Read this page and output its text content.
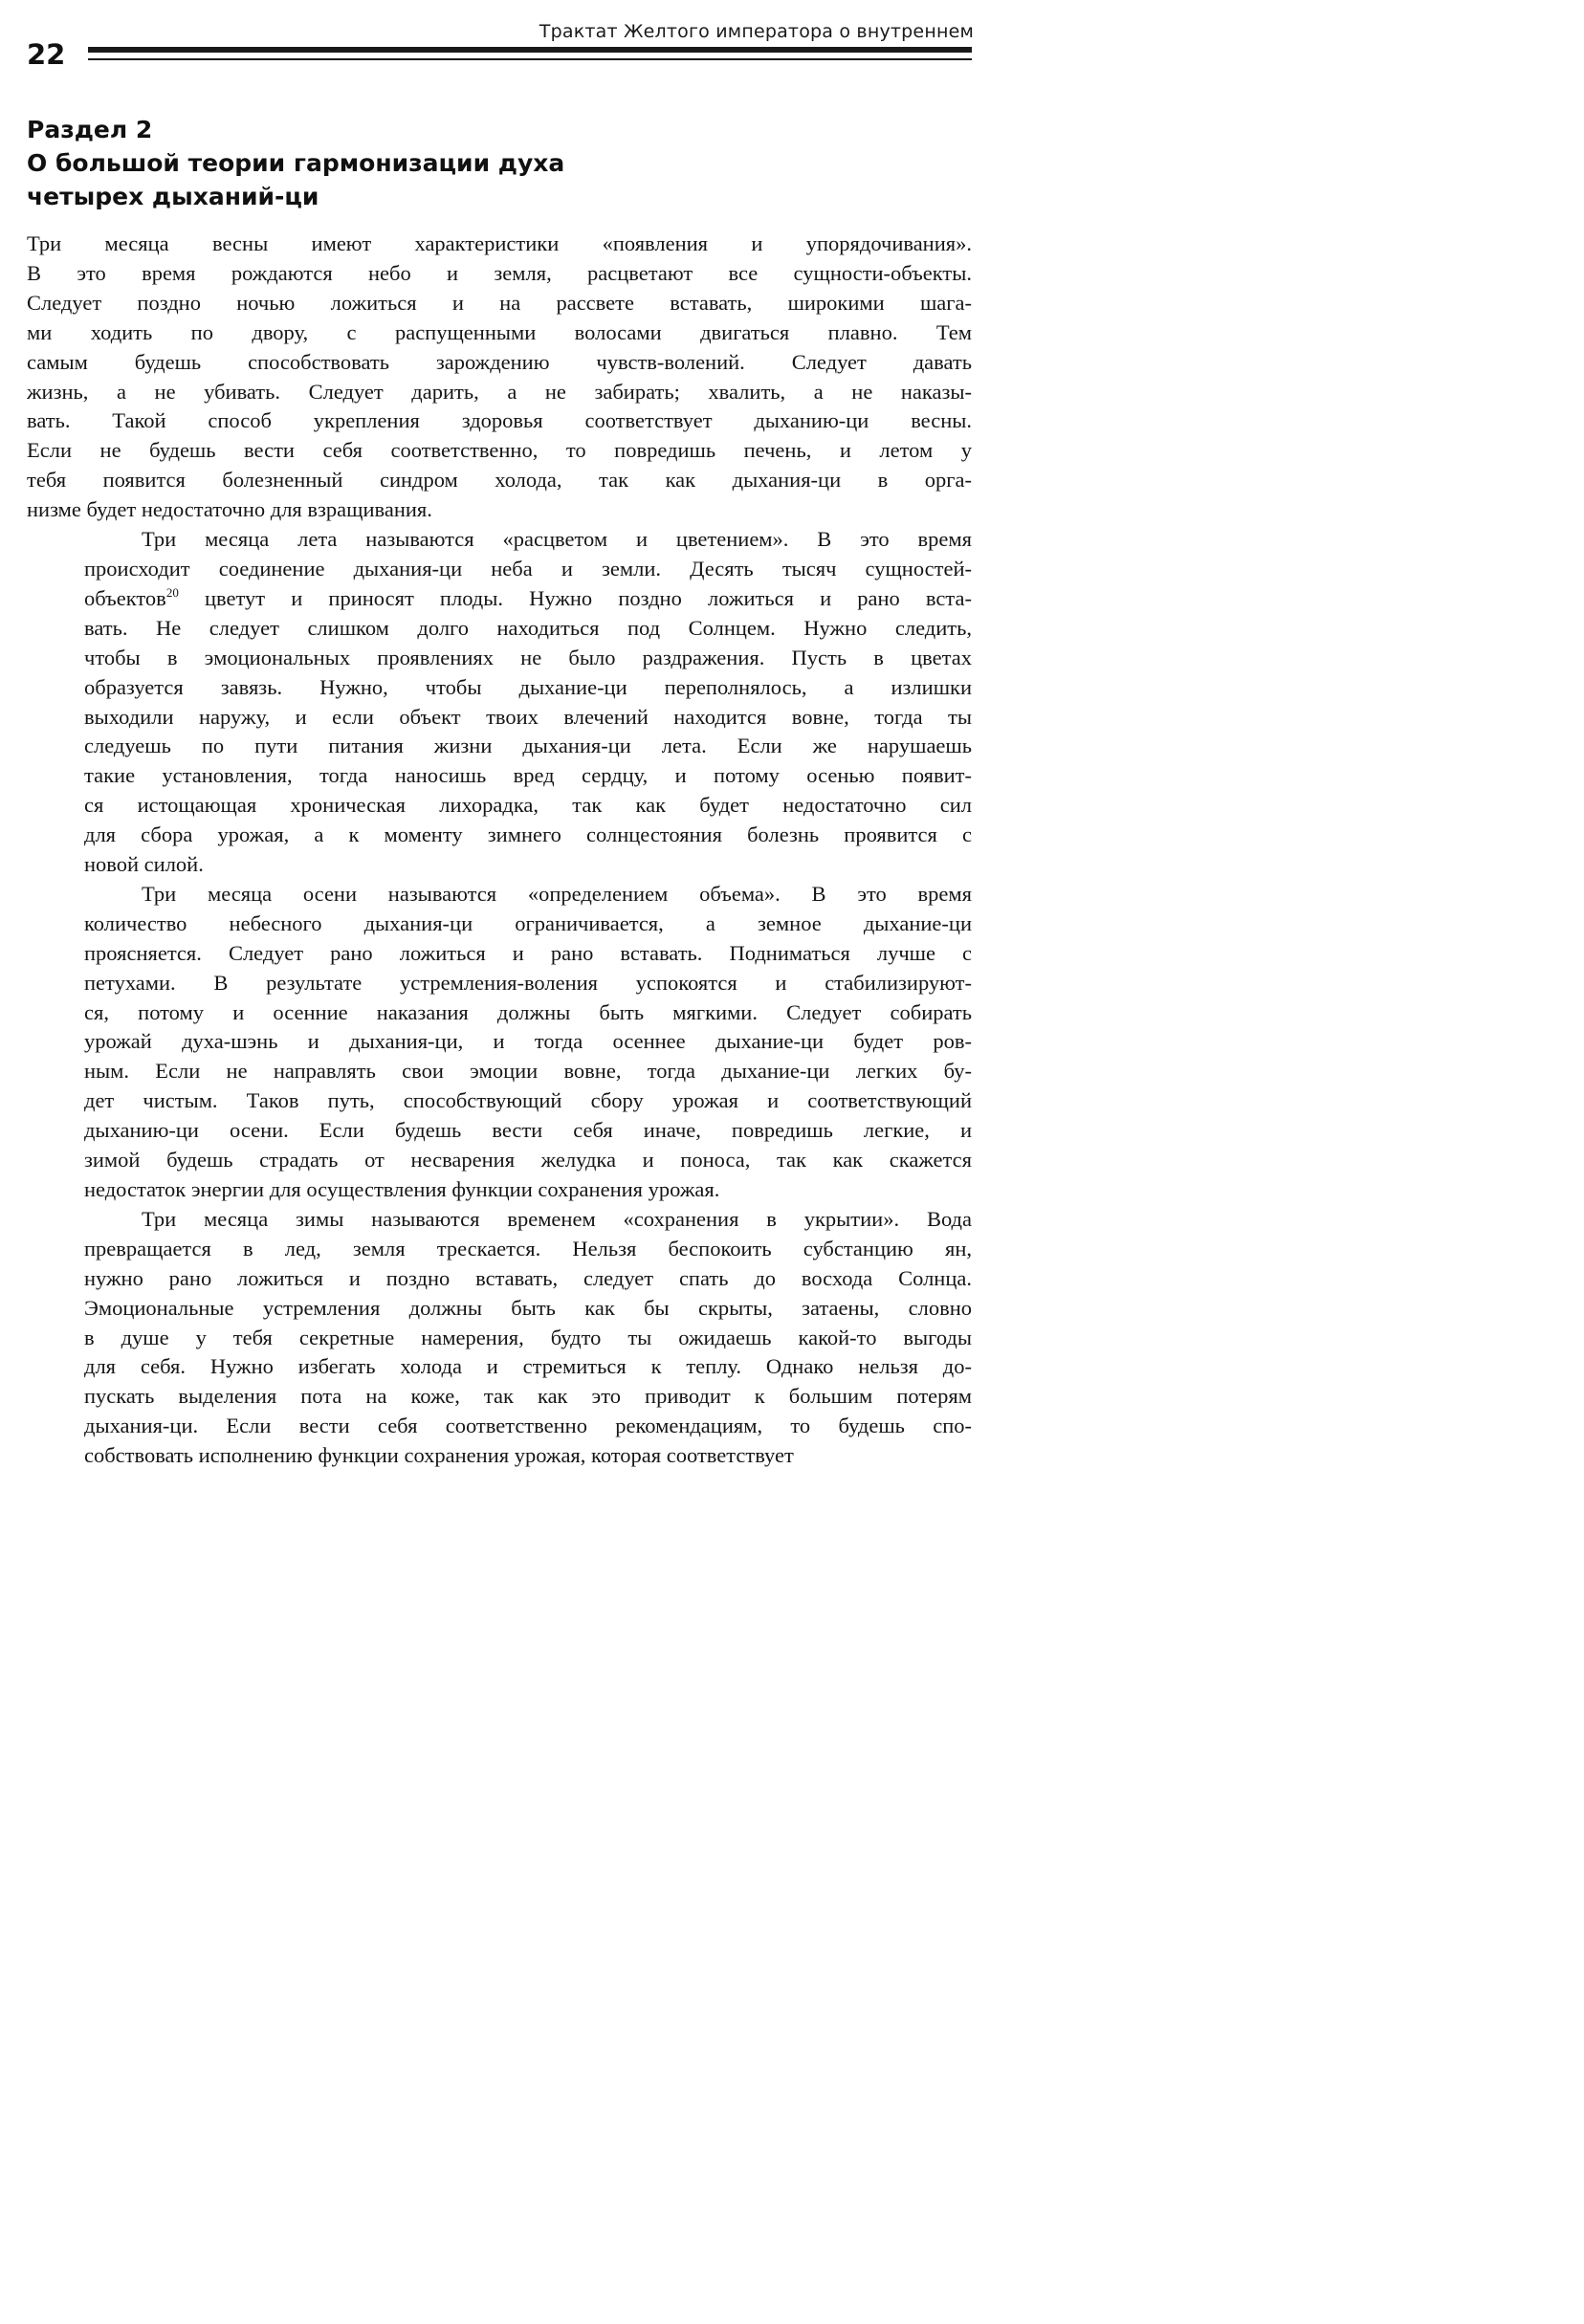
Трактат Желтого императора о внутреннем
22
Раздел 2
О большой теории гармонизации духа
четырех дыханий-ци
Три месяца весны имеют характеристики «появления и упорядочивания».
В это время рождаются небо и земля, расцветают все сущности-объекты.
Следует поздно ночью ложиться и на рассвете вставать, широкими шага-
ми ходить по двору, с распущенными волосами двигаться плавно. Тем
самым будешь способствовать зарождению чувств-волений. Следует давать
жизнь, а не убивать. Следует дарить, а не забирать; хвалить, а не наказы-
вать. Такой способ укрепления здоровья соответствует дыханию-ци весны.
Если не будешь вести себя соответственно, то повредишь печень, и летом у
тебя появится болезненный синдром холода, так как дыхания-ци в орга-
низме будет недостаточно для взращивания.
Три месяца лета называются «расцветом и цветением». В это время
происходит соединение дыхания-ци неба и земли. Десять тысяч сущностей-
объектов$^{20}$ цветут и приносят плоды. Нужно поздно ложиться и рано вста-
вать. Не следует слишком долго находиться под Солнцем. Нужно следить,
чтобы в эмоциональных проявлениях не было раздражения. Пусть в цветах
образуется завязь. Нужно, чтобы дыхание-ци переполнялось, а излишки
выходили наружу, и если объект твоих влечений находится вовне, тогда ты
следуешь по пути питания жизни дыхания-ци лета. Если же нарушаешь
такие установления, тогда наносишь вред сердцу, и потому осенью появит-
ся истощающая хроническая лихорадка, так как будет недостаточно сил
для сбора урожая, а к моменту зимнего солнцестояния болезнь проявится с
новой силой.
Три месяца осени называются «определением объема». В это время
количество небесного дыхания-ци ограничивается, а земное дыхание-ци
проясняется. Следует рано ложиться и рано вставать. Подниматься лучше с
петухами. В результате устремления-воления успокоятся и стабилизируют-
ся, потому и осенние наказания должны быть мягкими. Следует собирать
урожай духа-шэнь и дыхания-ци, и тогда осеннее дыхание-ци будет ров-
ным. Если не направлять свои эмоции вовне, тогда дыхание-ци легких бу-
дет чистым. Таков путь, способствующий сбору урожая и соответствующий
дыханию-ци осени. Если будешь вести себя иначе, повредишь легкие, и
зимой будешь страдать от несварения желудка и поноса, так как скажется
недостаток энергии для осуществления функции сохранения урожая.
Три месяца зимы называются временем «сохранения в укрытии». Вода
превращается в лед, земля трескается. Нельзя беспокоить субстанцию ян,
нужно рано ложиться и поздно вставать, следует спать до восхода Солнца.
Эмоциональные устремления должны быть как бы скрыты, затаены, словно
в душе у тебя секретные намерения, будто ты ожидаешь какой-то выгоды
для себя. Нужно избегать холода и стремиться к теплу. Однако нельзя до-
пускать выделения пота на коже, так как это приводит к большим потерям
дыхания-ци. Если вести себя соответственно рекомендациям, то будешь спо-
собствовать исполнению функции сохранения урожая, которая соответствует
